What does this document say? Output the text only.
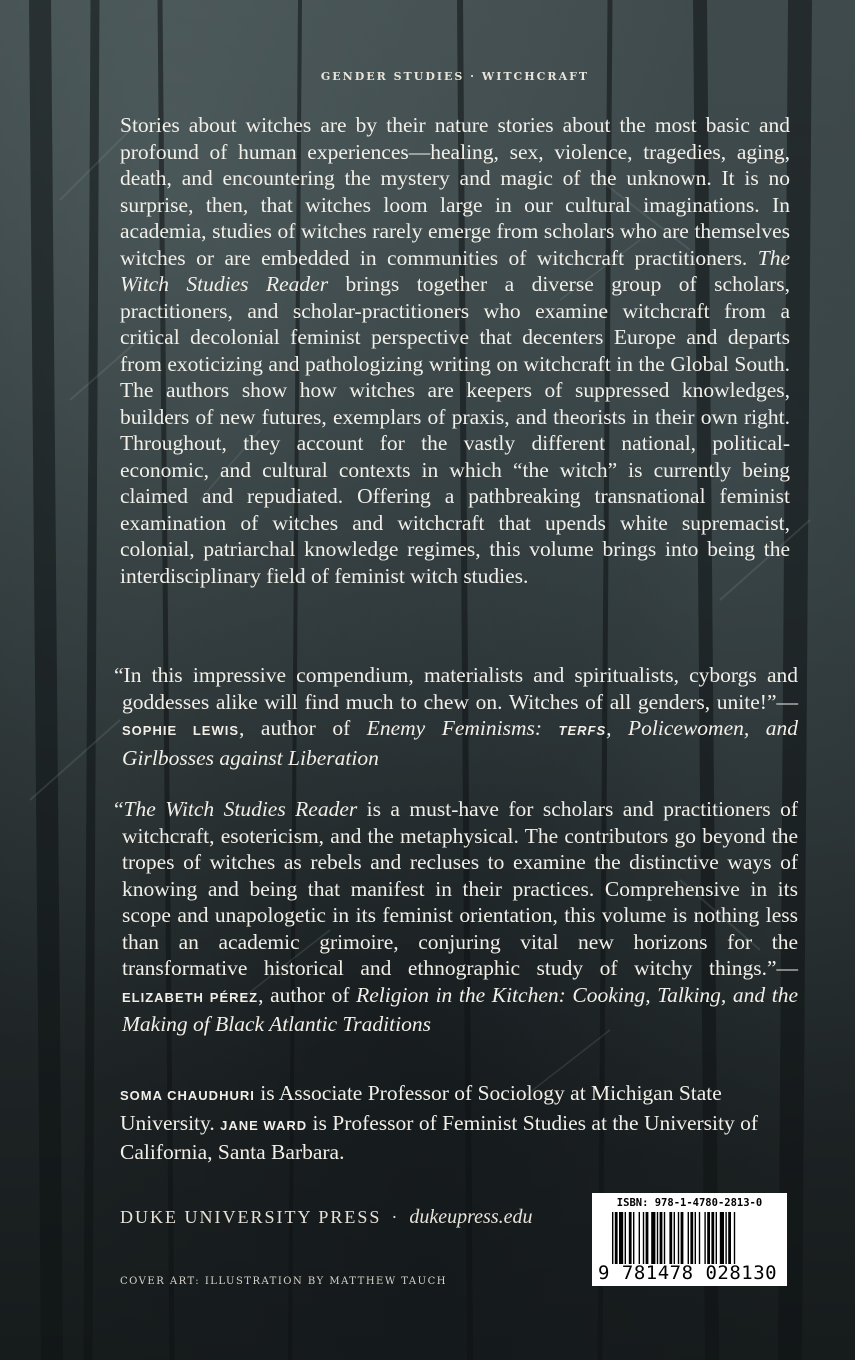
GENDER STUDIES · WITCHCRAFT

Stories about witches are by their nature stories about the most basic and profound of human experiences—healing, sex, violence, tragedies, aging, death, and encountering the mystery and magic of the unknown. It is no surprise, then, that witches loom large in our cultural imaginations. In academia, studies of witches rarely emerge from scholars who are themselves witches or are embedded in communities of witchcraft practitioners. The Witch Studies Reader brings together a diverse group of scholars, practitioners, and scholar-practitioners who examine witchcraft from a critical decolonial feminist perspective that decenters Europe and departs from exoticizing and pathologizing writing on witchcraft in the Global South. The authors show how witches are keepers of suppressed knowledges, builders of new futures, exemplars of praxis, and theorists in their own right. Throughout, they account for the vastly different national, political-economic, and cultural contexts in which “the witch” is currently being claimed and repudiated. Offering a pathbreaking transnational feminist examination of witches and witchcraft that upends white supremacist, colonial, patriarchal knowledge regimes, this volume brings into being the interdisciplinary field of feminist witch studies.

“In this impressive compendium, materialists and spiritualists, cyborgs and goddesses alike will find much to chew on. Witches of all genders, unite!”—SOPHIE LEWIS, author of Enemy Feminisms: TERFS, Policewomen, and Girlbosses against Liberation

“The Witch Studies Reader is a must-have for scholars and practitioners of witchcraft, esotericism, and the metaphysical. The contributors go beyond the tropes of witches as rebels and recluses to examine the distinctive ways of knowing and being that manifest in their practices. Comprehensive in its scope and unapologetic in its feminist orientation, this volume is nothing less than an academic grimoire, conjuring vital new horizons for the transformative historical and ethnographic study of witchy things.”— ELIZABETH PÉREZ, author of Religion in the Kitchen: Cooking, Talking, and the Making of Black Atlantic Traditions

SOMA CHAUDHURI is Associate Professor of Sociology at Michigan State University. JANE WARD is Professor of Feminist Studies at the University of California, Santa Barbara.

DUKE UNIVERSITY PRESS · dukeupress.edu
COVER ART: ILLUSTRATION BY MATTHEW TAUCH
ISBN: 978-1-4780-2813-0
9 781478 028130
